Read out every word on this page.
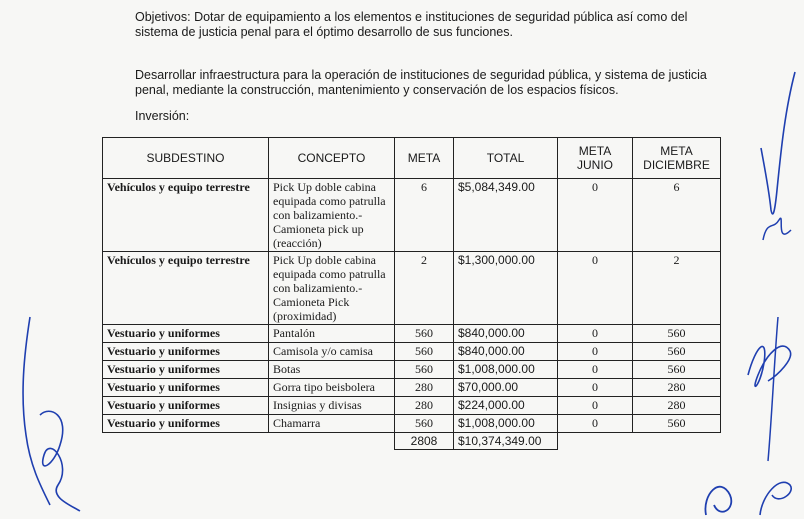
Objetivos: Dotar de equipamiento a los elementos e instituciones de seguridad pública así como del sistema de justicia penal para el óptimo desarrollo de sus funciones.
Desarrollar infraestructura para la operación de instituciones de seguridad pública, y sistema de justicia penal, mediante la construcción, mantenimiento y conservación de los espacios físicos.
Inversión:
SUBDESTINO	CONCEPTO	META	TOTAL	META JUNIO	META DICIEMBRE
Vehículos y equipo terrestre	Pick Up doble cabina equipada como patrulla con balizamiento.- Camioneta pick up (reacción)	6	$5,084,349.00	0	6
Vehículos y equipo terrestre	Pick Up doble cabina equipada como patrulla con balizamiento.- Camioneta Pick (proximidad)	2	$1,300,000.00	0	2
Vestuario y uniformes	Pantalón	560	$840,000.00	0	560
Vestuario y uniformes	Camisola y/o camisa	560	$840,000.00	0	560
Vestuario y uniformes	Botas	560	$1,008,000.00	0	560
Vestuario y uniformes	Gorra tipo beisbolera	280	$70,000.00	0	280
Vestuario y uniformes	Insignias y divisas	280	$224,000.00	0	280
Vestuario y uniformes	Chamarra	560	$1,008,000.00	0	560
		2808	$10,374,349.00		
